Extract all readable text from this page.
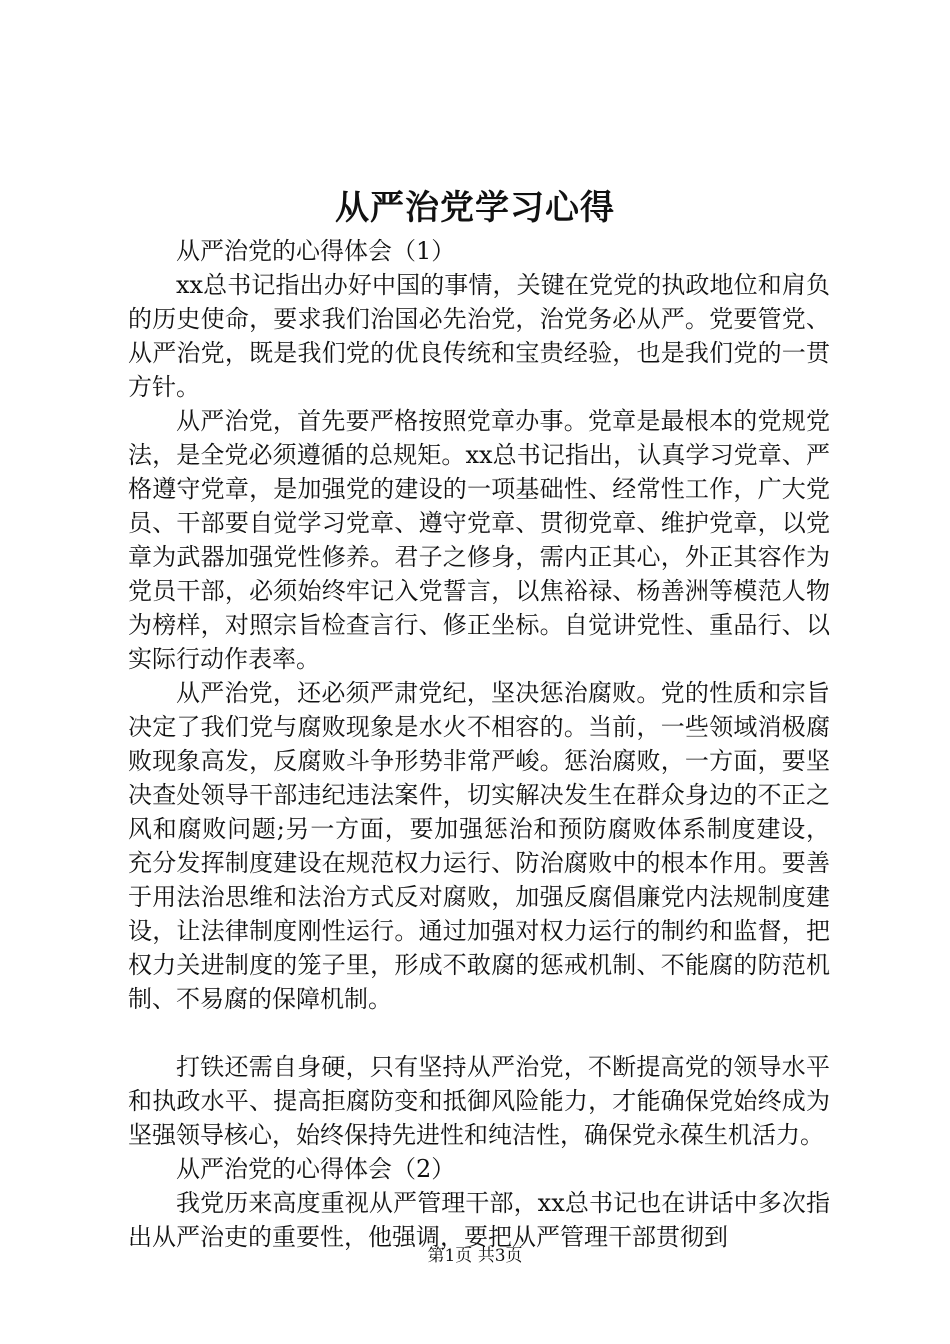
从严治党学习心得

从严治党的心得体会（1）

xx总书记指出办好中国的事情，关键在党党的执政地位和肩负的历史使命，要求我们治国必先治党，治党务必从严。党要管党、从严治党，既是我们党的优良传统和宝贵经验，也是我们党的一贯方针。

从严治党，首先要严格按照党章办事。党章是最根本的党规党法，是全党必须遵循的总规矩。xx总书记指出，认真学习党章、严格遵守党章，是加强党的建设的一项基础性、经常性工作，广大党员、干部要自觉学习党章、遵守党章、贯彻党章、维护党章，以党章为武器加强党性修养。君子之修身，需内正其心，外正其容作为党员干部，必须始终牢记入党誓言，以焦裕禄、杨善洲等模范人物为榜样，对照宗旨检查言行、修正坐标。自觉讲党性、重品行、以实际行动作表率。

从严治党，还必须严肃党纪，坚决惩治腐败。党的性质和宗旨决定了我们党与腐败现象是水火不相容的。当前，一些领域消极腐败现象高发，反腐败斗争形势非常严峻。惩治腐败，一方面，要坚决查处领导干部违纪违法案件，切实解决发生在群众身边的不正之风和腐败问题;另一方面，要加强惩治和预防腐败体系制度建设，充分发挥制度建设在规范权力运行、防治腐败中的根本作用。要善于用法治思维和法治方式反对腐败，加强反腐倡廉党内法规制度建设，让法律制度刚性运行。通过加强对权力运行的制约和监督，把权力关进制度的笼子里，形成不敢腐的惩戒机制、不能腐的防范机制、不易腐的保障机制。

打铁还需自身硬，只有坚持从严治党，不断提高党的领导水平和执政水平、提高拒腐防变和抵御风险能力，才能确保党始终成为坚强领导核心，始终保持先进性和纯洁性，确保党永葆生机活力。

从严治党的心得体会（2）

我党历来高度重视从严管理干部，xx总书记也在讲话中多次指出从严治吏的重要性，他强调，要把从严管理干部贯彻到

第1页 共3页
